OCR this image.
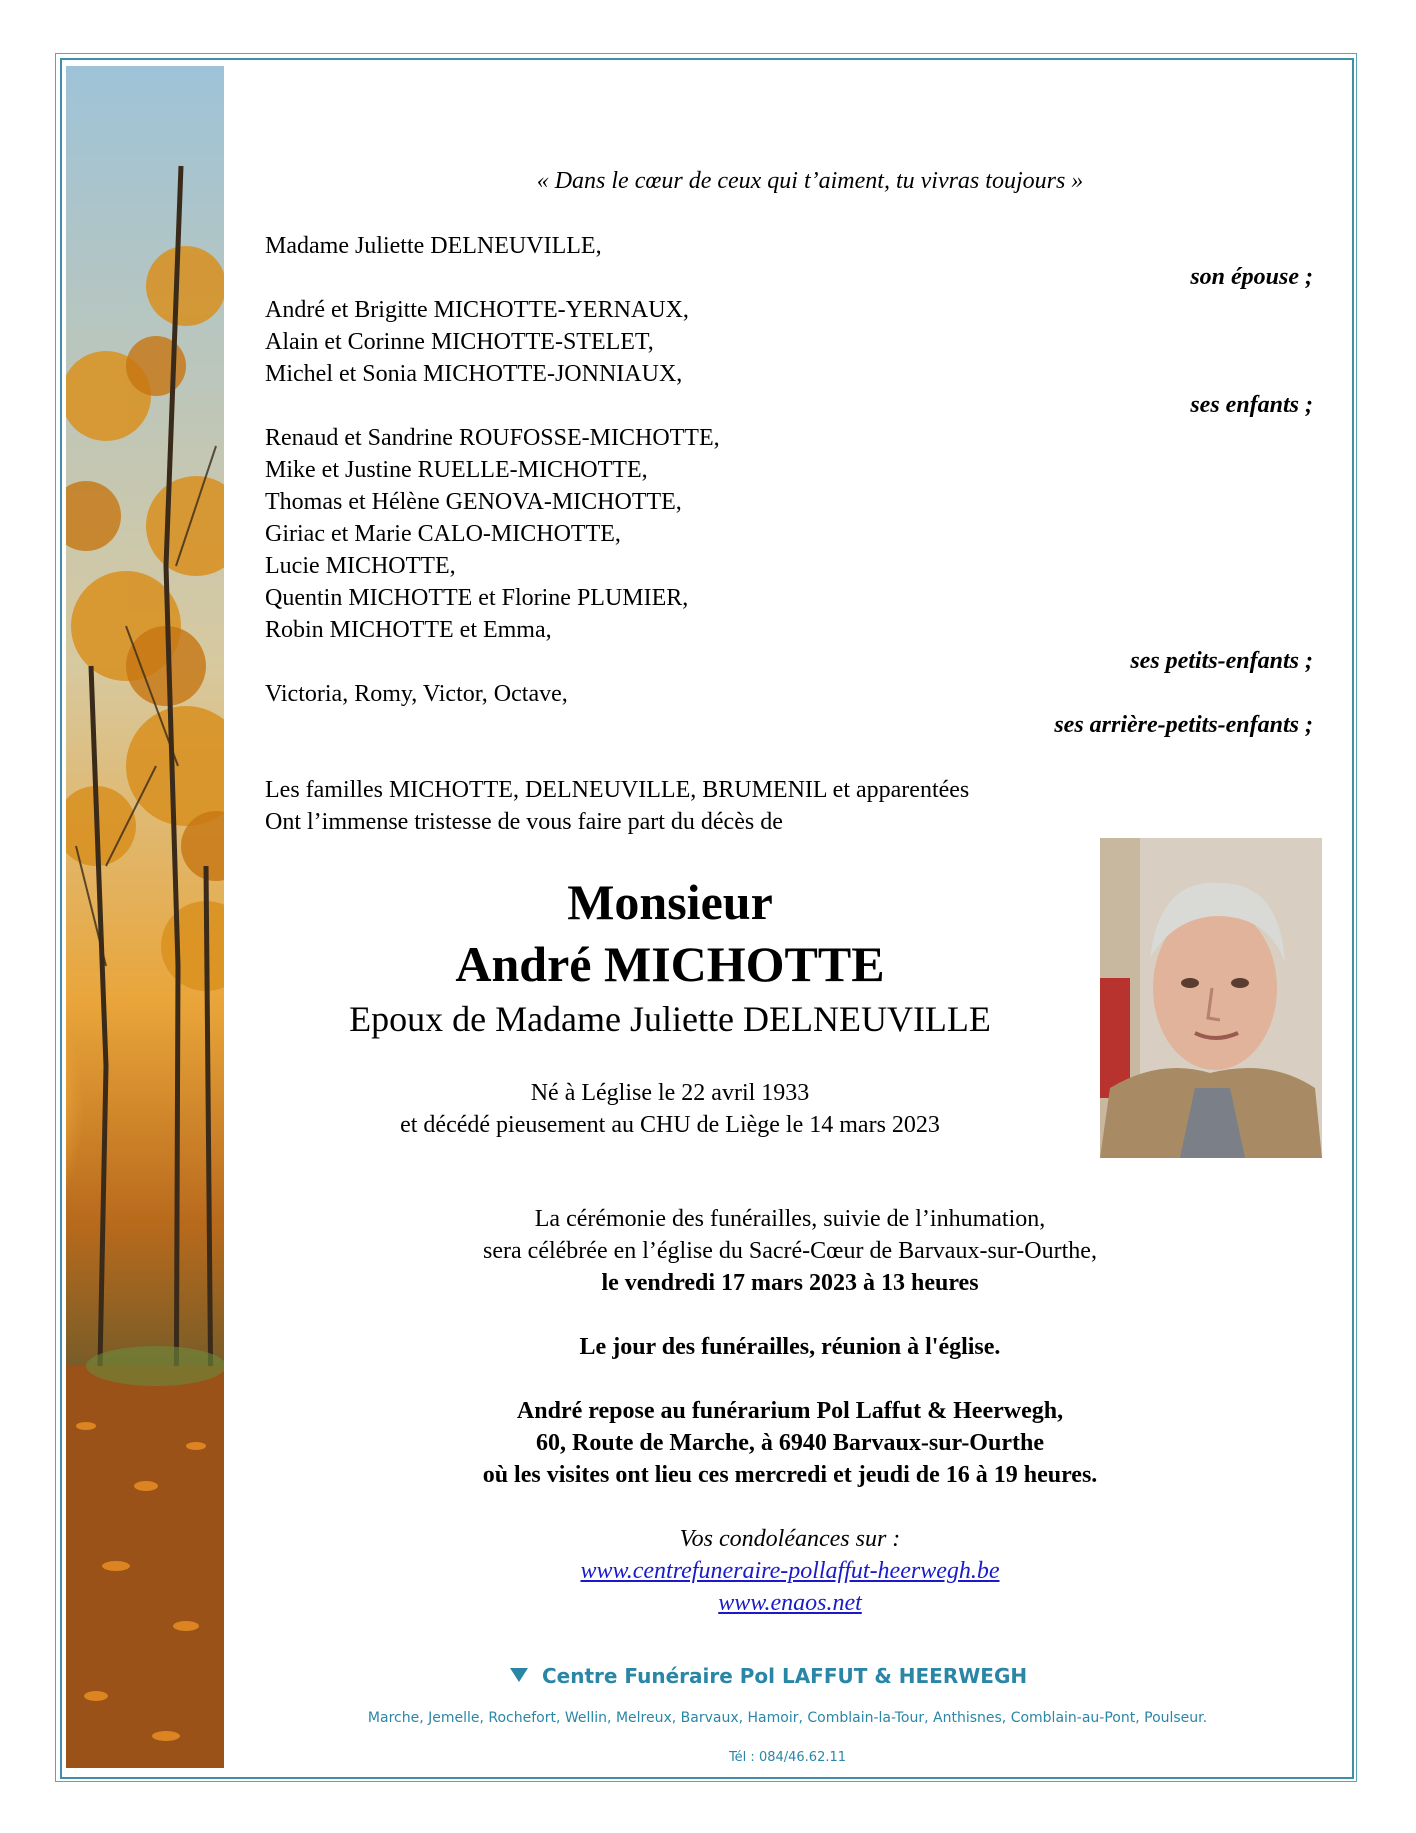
« Dans le cœur de ceux qui t’aiment, tu vivras toujours »
Madame Juliette DELNEUVILLE,
son épouse ;
André et Brigitte MICHOTTE-YERNAUX,
Alain et Corinne MICHOTTE-STELET,
Michel et Sonia MICHOTTE-JONNIAUX,
ses enfants ;
Renaud et Sandrine ROUFOSSE-MICHOTTE,
Mike et Justine RUELLE-MICHOTTE,
Thomas et Hélène GENOVA-MICHOTTE,
Giriac et Marie CALO-MICHOTTE,
Lucie MICHOTTE,
Quentin MICHOTTE et Florine PLUMIER,
Robin MICHOTTE et Emma,
ses petits-enfants ;
Victoria, Romy, Victor, Octave,
ses arrière-petits-enfants ;
Les familles MICHOTTE, DELNEUVILLE, BRUMENIL et apparentées
Ont l’immense tristesse de vous faire part du décès de
Monsieur
André MICHOTTE
Epoux de Madame Juliette DELNEUVILLE
Né à Léglise le 22 avril 1933
et décédé pieusement au CHU de Liège le 14 mars 2023
La cérémonie des funérailles, suivie de l’inhumation,
sera célébrée en l’église du Sacré-Cœur de Barvaux-sur-Ourthe,
le vendredi 17 mars 2023 à 13 heures
Le jour des funérailles, réunion à l'église.
André repose au funérarium Pol Laffut & Heerwegh,
60, Route de Marche, à 6940 Barvaux-sur-Ourthe
où les visites ont lieu ces mercredi et jeudi de 16 à 19 heures.
Vos condoléances sur :
www.centrefuneraire-pollaffut-heerwegh.be
www.enaos.net
Centre Funéraire Pol LAFFUT & HEERWEGH
Marche, Jemelle, Rochefort, Wellin, Melreux, Barvaux, Hamoir, Comblain-la-Tour, Anthisnes, Comblain-au-Pont, Poulseur.
Tél : 084/46.62.11
